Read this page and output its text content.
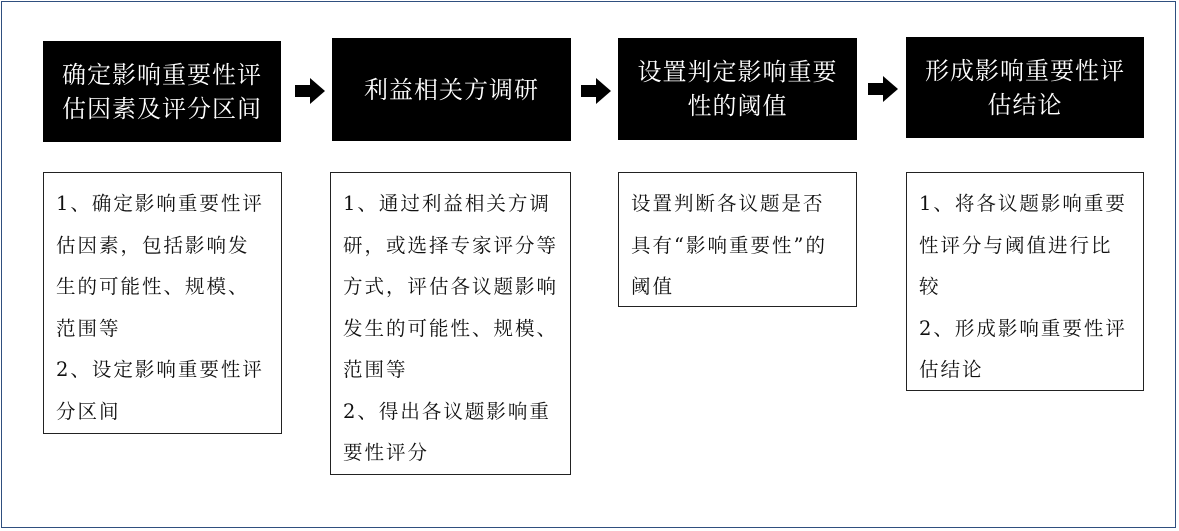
确定影响重要性评
估因素及评分区间

1、确定影响重要性评估因素，包括影响发生的可能性、规模、范围等

2、设定影响重要性评分区间

利益相关方调研

1、通过利益相关方调研，或选择专家评分等方式，评估各议题影响发生的可能性、规模、范围等

2、得出各议题影响重要性评分

设置判定影响重要
性的阈值

设置判断各议题是否具有“影响重要性”的阈值

形成影响重要性评
估结论

1、将各议题影响重要性评分与阈值进行比较

2、形成影响重要性评估结论
